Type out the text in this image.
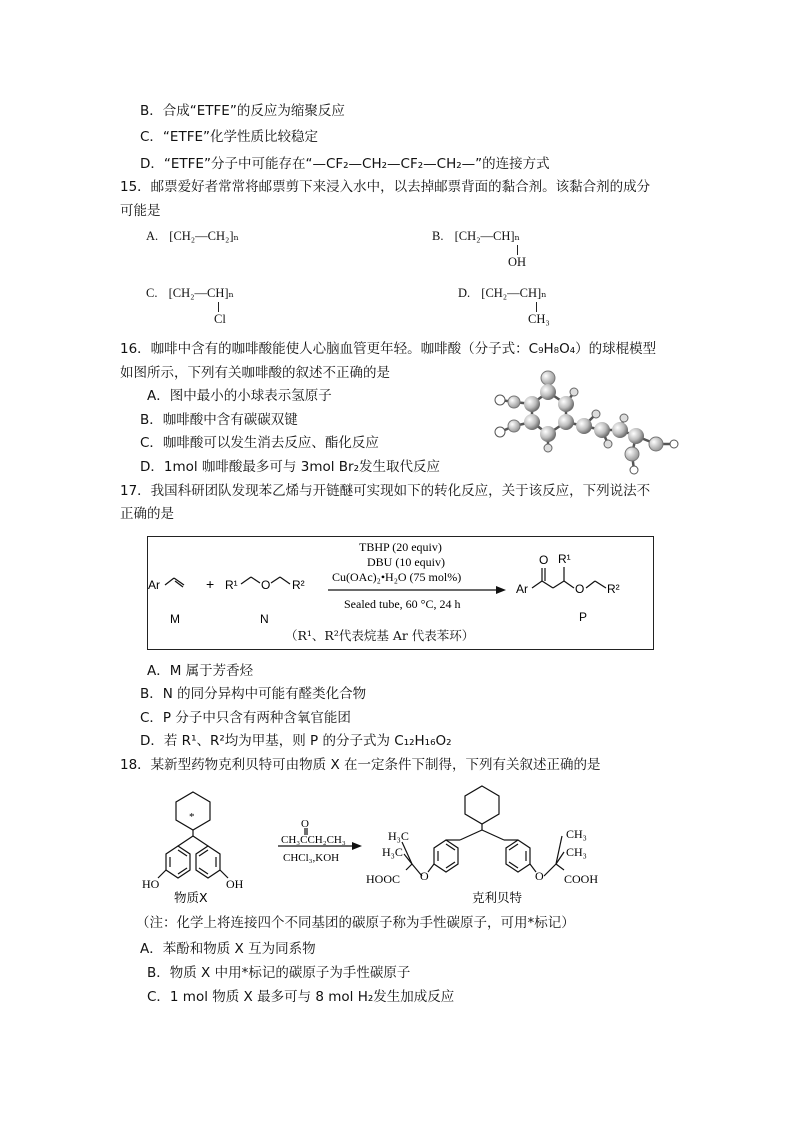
B．合成“ETFE”的反应为缩聚反应
C．“ETFE”化学性质比较稳定
D．“ETFE”分子中可能存在“—CF₂—CH₂—CF₂—CH₂—”的连接方式
15．邮票爱好者常常将邮票剪下来浸入水中，以去掉邮票背面的黏合剂。该黏合剂的成分
可能是
A. [CH₂—CH₂]ₙ	B. [CH₂—CH]ₙ
OH
C. [CH₂—CH]ₙ
Cl
D. [CH₂—CH]ₙ
CH₃
16．咖啡中含有的咖啡酸能使人心脑血管更年轻。咖啡酸（分子式：C₉H₈O₄）的球棍模型
如图所示，下列有关咖啡酸的叙述不正确的是
A．图中最小的小球表示氢原子
B．咖啡酸中含有碳碳双键
C．咖啡酸可以发生消去反应、酯化反应
D．1mol 咖啡酸最多可与 3mol Br₂发生取代反应
17．我国科研团队发现苯乙烯与开链醚可实现如下的转化反应，关于该反应，下列说法不
正确的是
Ar	+ R¹ O R²
TBHP (20 equiv)
DBU (10 equiv)
Cu(OAc)₂•H₂O (75 mol%)
Sealed tube, 60 °C, 24 h
Ar
O R¹
O R²
M	N	P
（R¹、R²代表烷基 Ar 代表苯环）
A．M 属于芳香烃
B．N 的同分异构中可能有醛类化合物
C．P 分子中只含有两种含氧官能团
D．若 R¹、R²均为甲基，则 P 的分子式为 C₁₂H₁₆O₂
18．某新型药物克利贝特可由物质 X 在一定条件下制得，下列有关叙述正确的是
*
HO	OH
物质X
O
CH₃CCH₂CH₃
CHCl₃,KOH
H₃C
H₃C
O
HOOC	O
CH₃
CH₃
COOH
克利贝特
（注：化学上将连接四个不同基团的碳原子称为手性碳原子，可用*标记）
A．苯酚和物质 X 互为同系物
B．物质 X 中用*标记的碳原子为手性碳原子
C．1 mol 物质 X 最多可与 8 mol H₂发生加成反应
